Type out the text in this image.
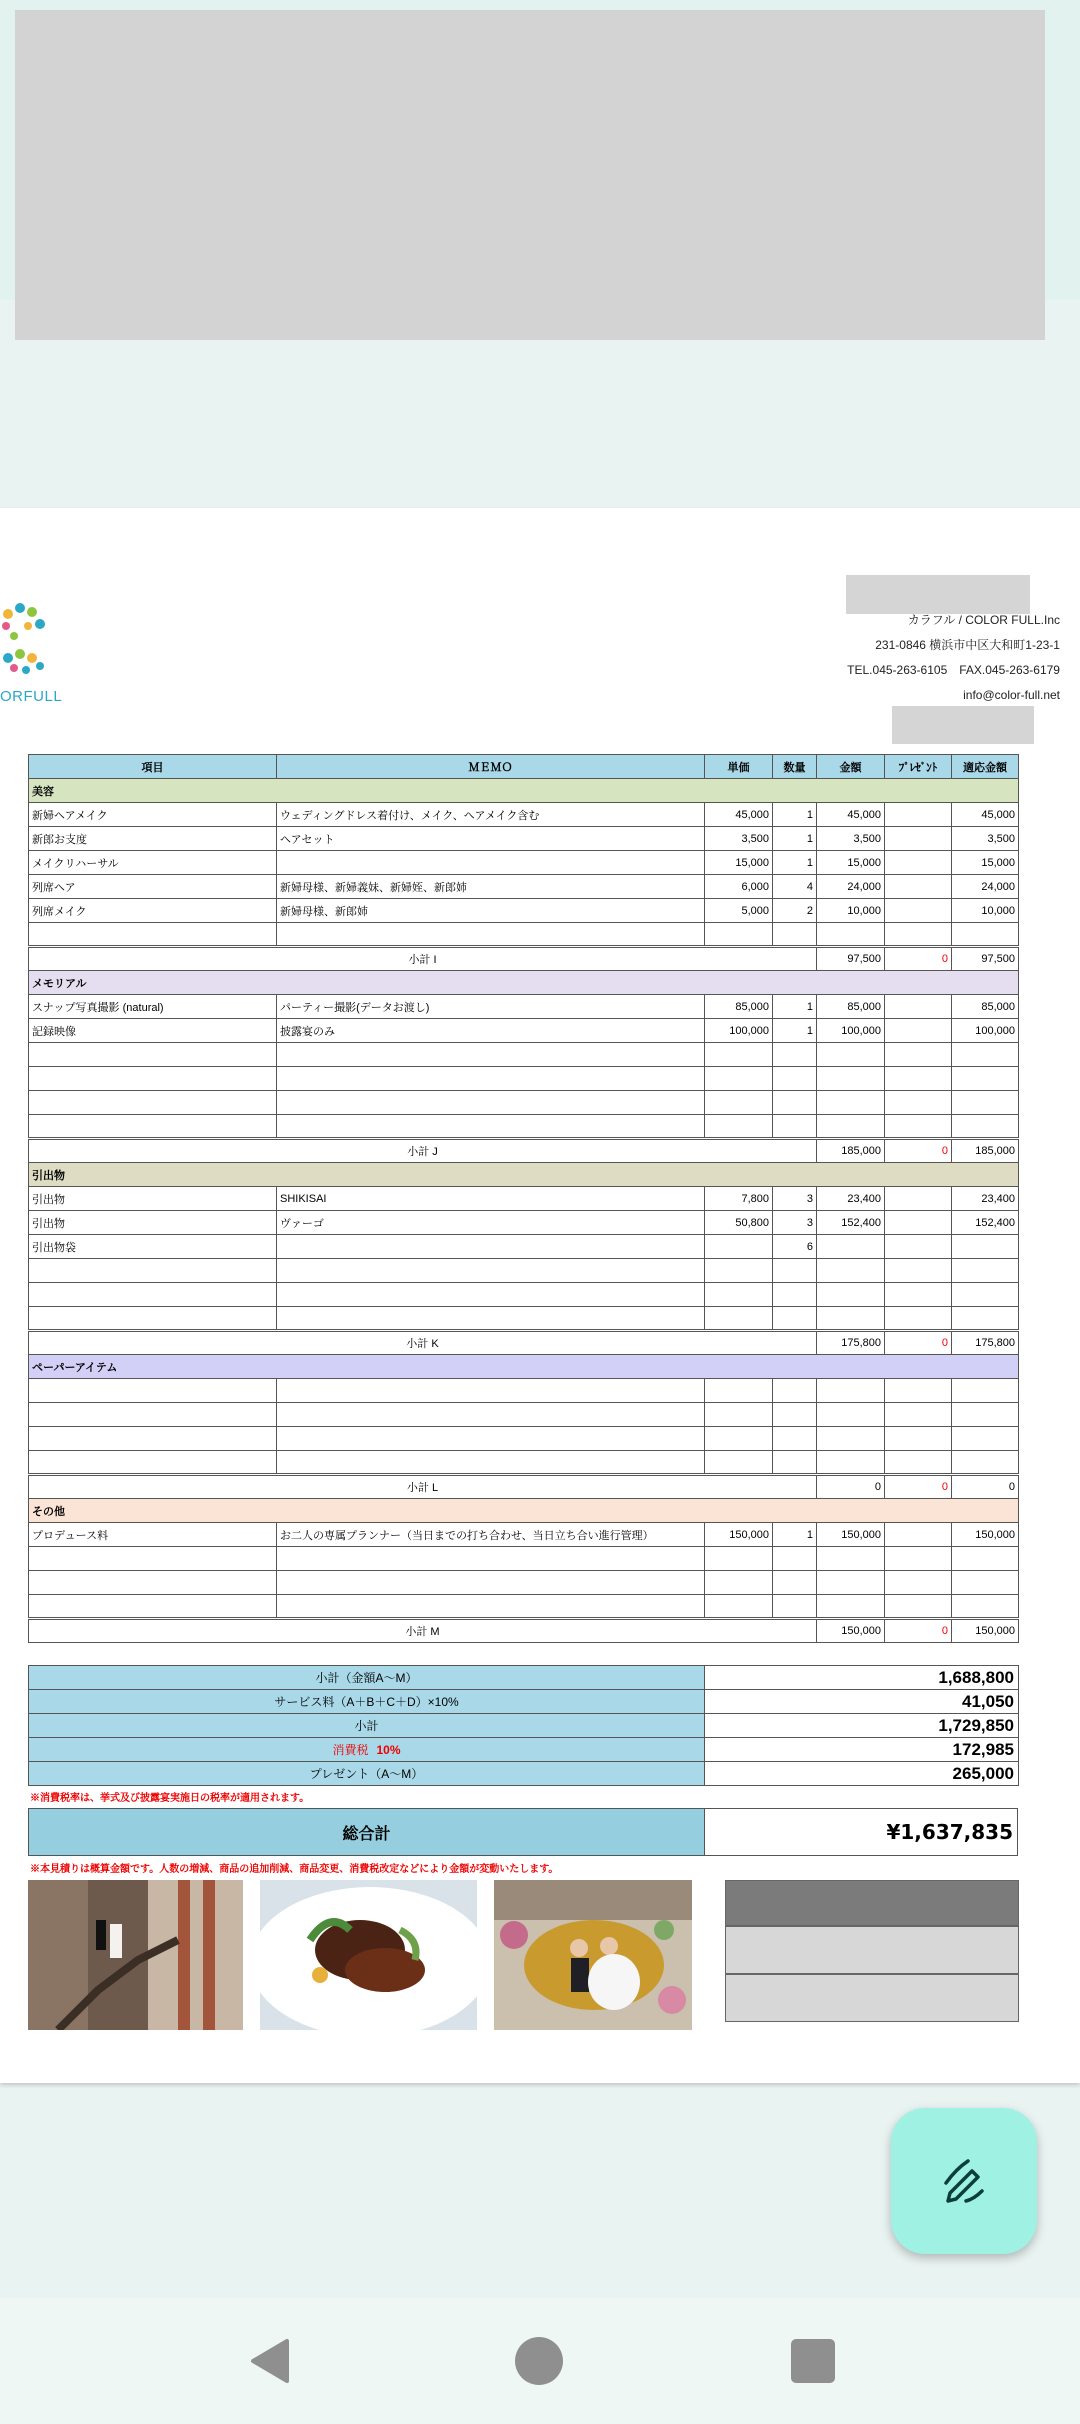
ORFULL
カラフル / COLOR FULL.Inc
231-0846 横浜市中区大和町1-23-1
TEL.045-263-6105　FAX.045-263-6179
info@color-full.net
項目	ＭＥＭＯ	単価	数量	金額	ﾌﾟﾚｾﾞﾝﾄ	適応金額
美容						
新婦ヘアメイク	ウェディングドレス着付け、メイク、ヘアメイク含む	45,000	1	45,000		45,000
新郎お支度	ヘアセット	3,500	1	3,500		3,500
メイクリハーサル		15,000	1	15,000		15,000
列席ヘア	新婦母様、新婦義妹、新婦姪、新郎姉	6,000	4	24,000		24,000
列席メイク	新婦母様、新郎姉	5,000	2	10,000		10,000

小計 I				97,500	0	97,500
メモリアル						
スナップ写真撮影 (natural)	パーティー撮影(データお渡し)	85,000	1	85,000		85,000
記録映像	披露宴のみ	100,000	1	100,000		100,000

小計 J				185,000	0	185,000
引出物						
引出物	SHIKISAI	7,800	3	23,400		23,400
引出物	ヴァーゴ	50,800	3	152,400		152,400
引出物袋			6			

小計 K				175,800	0	175,800
ペーパーアイテム						

小計 L				0	0	0
その他						
プロデュース料	お二人の専属プランナー（当日までの打ち合わせ、当日立ち合い進行管理）	150,000	1	150,000		150,000

小計 M				150,000	0	150,000
小計（金額A～M）	1,688,800
サービス料（A＋B＋C＋D）×10%	41,050
小計	1,729,850
消費税 10%	172,985
プレゼント（A～M）	265,000
※消費税率は、挙式及び披露宴実施日の税率が適用されます。
総合計	¥1,637,835
※本見積りは概算金額です。人数の増減、商品の追加削減、商品変更、消費税改定などにより金額が変動いたします。
